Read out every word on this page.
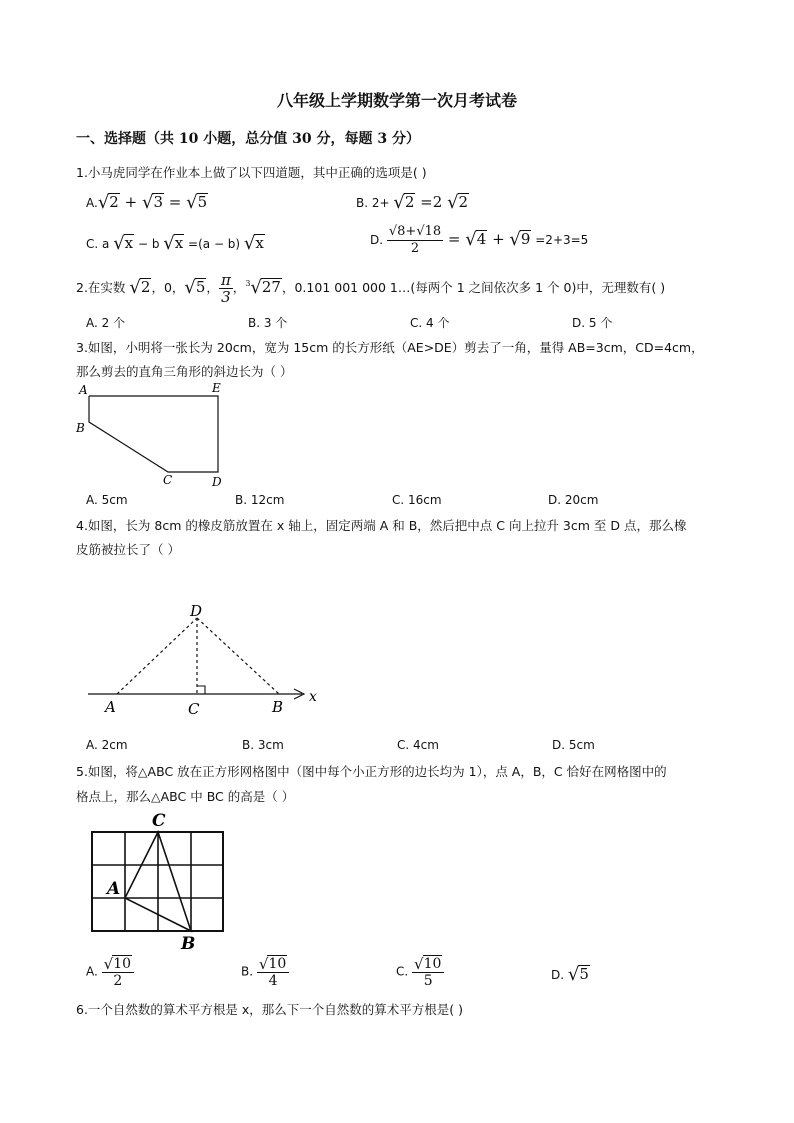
八年级上学期数学第一次月考试卷
一、选择题（共 10 小题，总分值 30 分，每题 3 分）
1.小马虎同学在作业本上做了以下四道题，其中正确的选项是( )
A.√2 + √3 = √5	B. 2+ √2 =2 √2
C. a √x − b √x =(a − b) √x	D. $\frac{√8+√18}{2} = √4 + √9 =2+3=5$
2.在实数 √2，0，√5， $\frac{\pi}{3}$ ，$^3$√27，0.101 001 000 1…(每两个 1 之间依次多 1 个 0)中，无理数有( )
A. 2 个	B. 3 个	C. 4 个	D. 5 个
3.如图，小明将一张长为 20cm，宽为 15cm 的长方形纸（AE>DE）剪去了一角，量得 AB=3cm，CD=4cm，
那么剪去的直角三角形的斜边长为（ ）
A	E
B
C	D
A. 5cm	B. 12cm	C. 16cm	D. 20cm
4.如图，长为 8cm 的橡皮筋放置在 x 轴上，固定两端 A 和 B，然后把中点 C 向上拉升 3cm 至 D 点，那么橡
皮筋被拉长了（ ）
D
A	C	B
x
A. 2cm	B. 3cm	C. 4cm	D. 5cm
5.如图，将△ABC 放在正方形网格图中（图中每个小正方形的边长均为 1），点 A，B，C 恰好在网格图中的
格点上，那么△ABC 中 BC 的高是（ ）
C
A
B
A. $\frac{√10}{2}$	B. $\frac{√10}{4}$	C. $\frac{√10}{5}$	D. √5
6.一个自然数的算术平方根是 x，那么下一个自然数的算术平方根是( )
